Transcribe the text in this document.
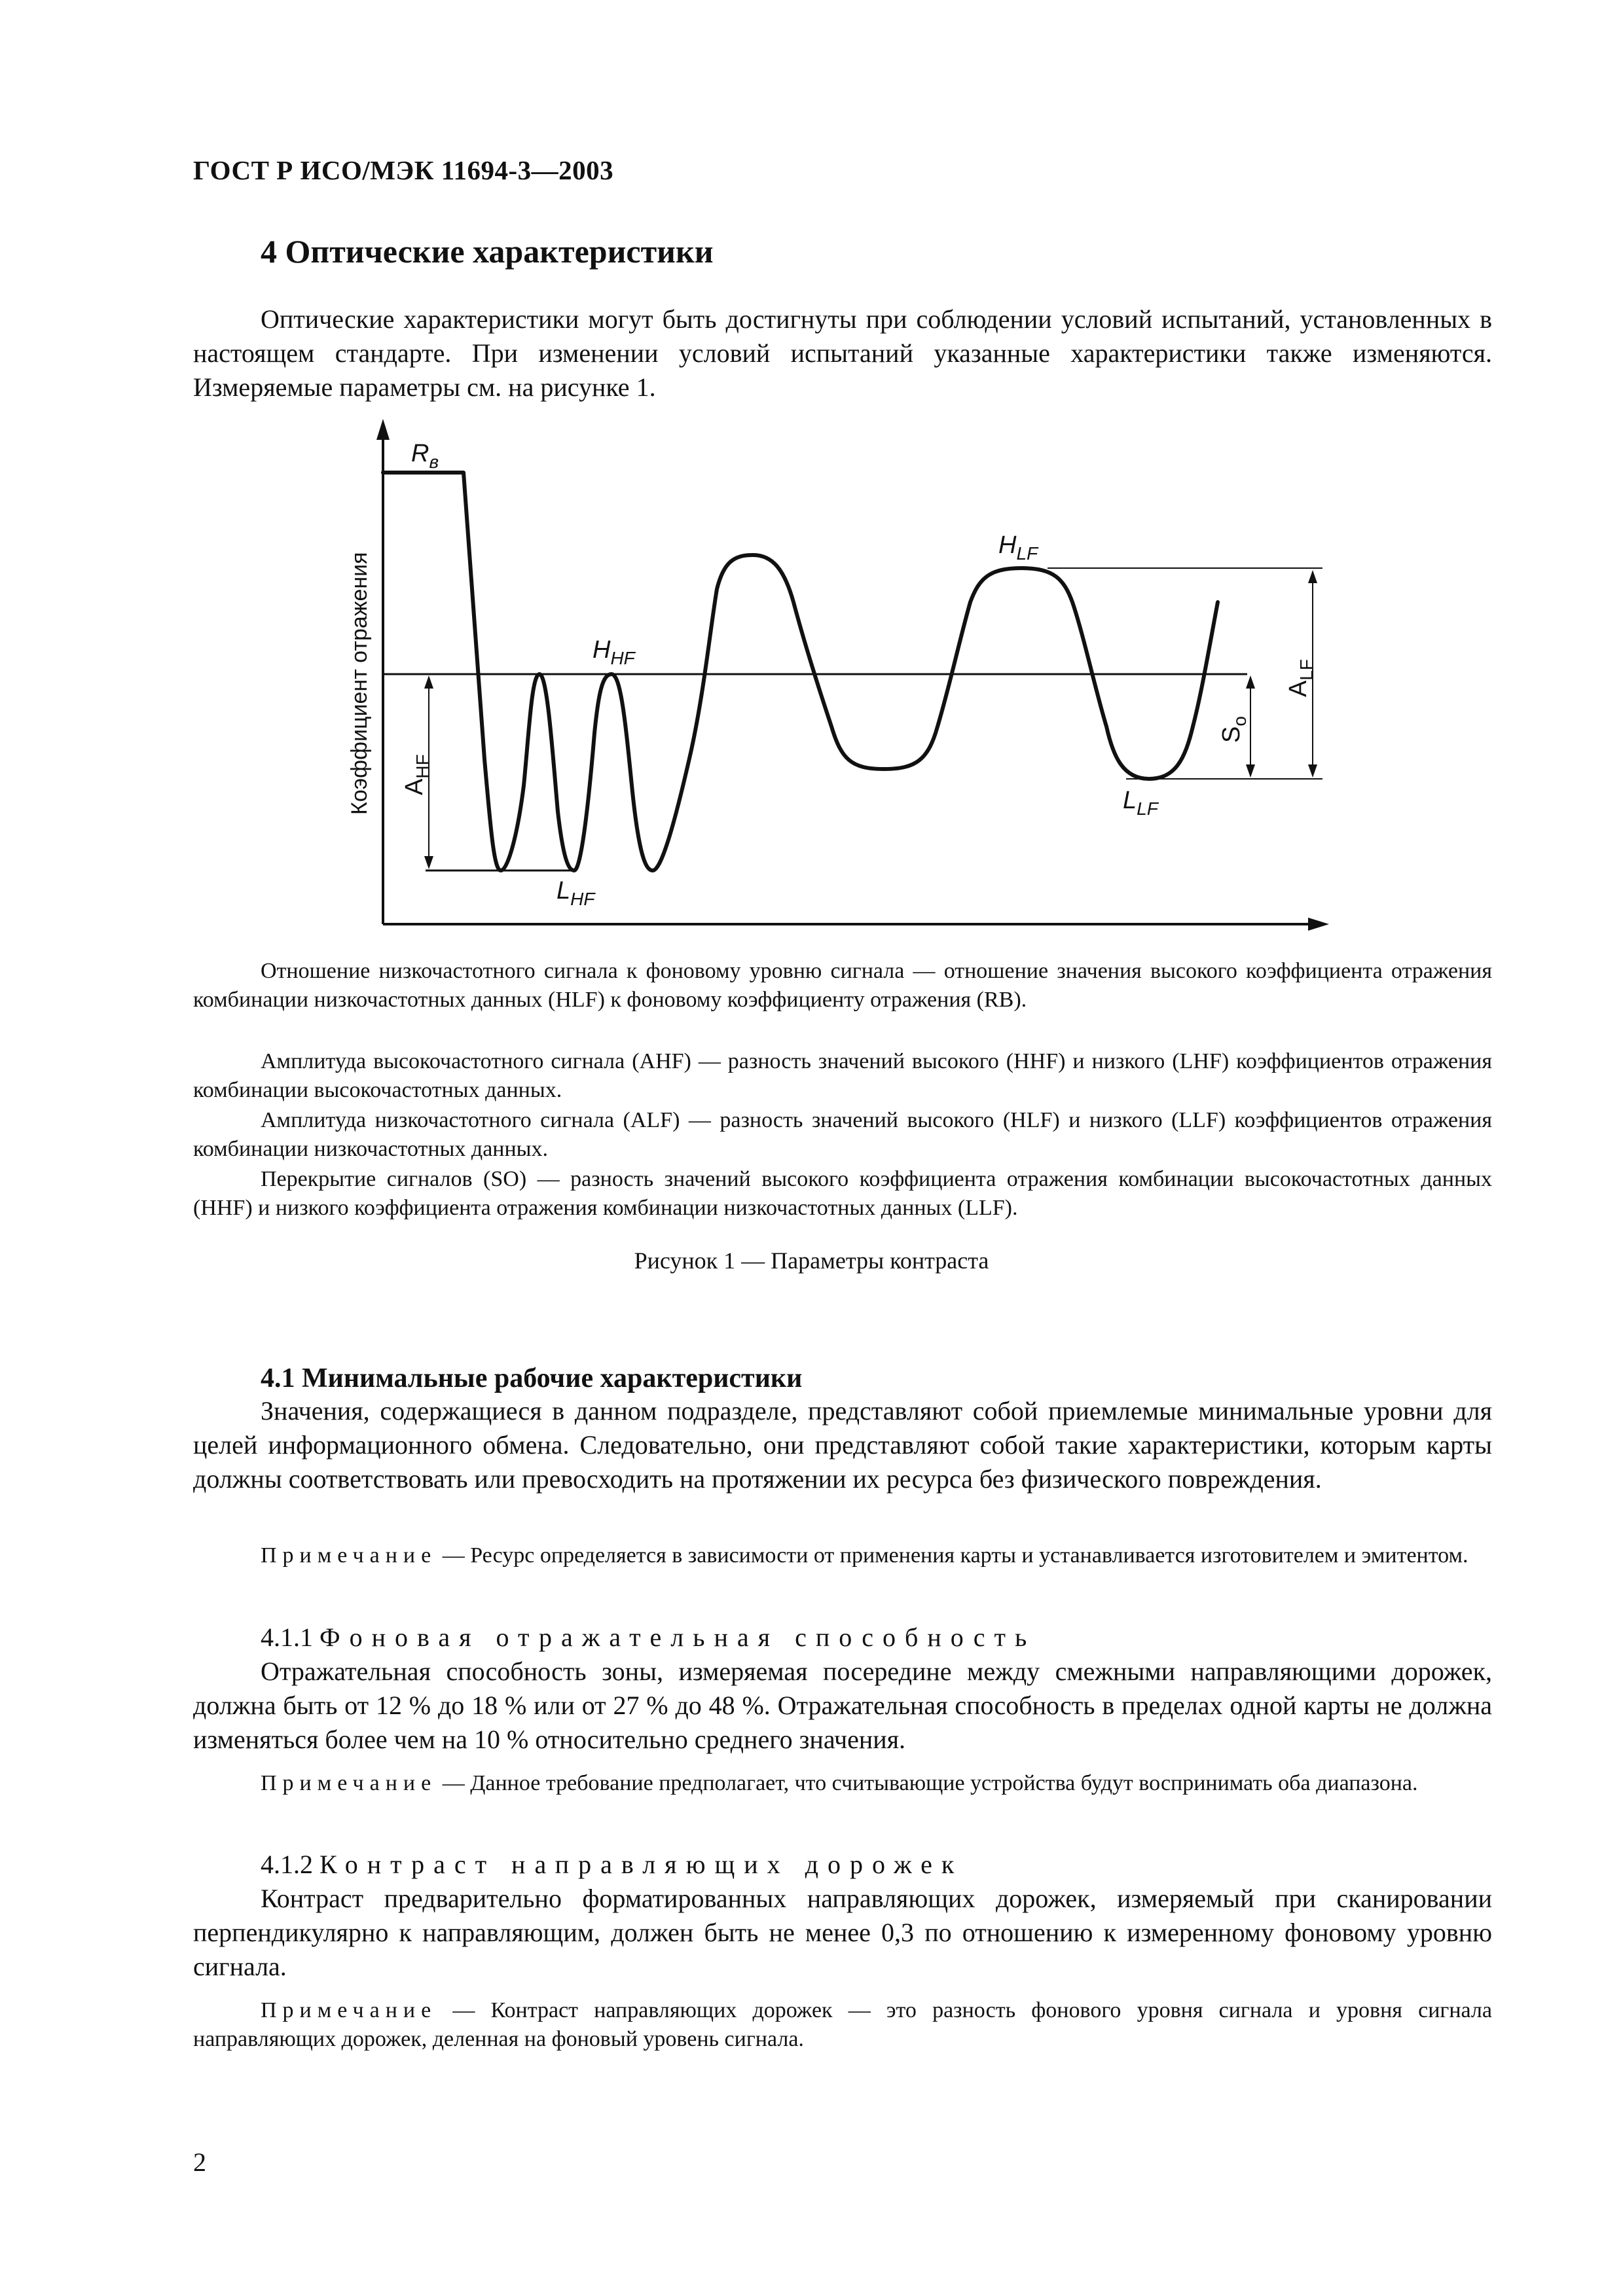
ГОСТ Р ИСО/МЭК 11694-3—2003
4 Оптические характеристики

Оптические характеристики могут быть достигнуты при соблюдении условий испытаний, установленных в настоящем стандарте. При изменении условий испытаний указанные характеристики также изменяются. Измеряемые параметры см. на рисунке 1.

$R_в$
$A_{HF}$
$H_{HF}$
$L_{HF}$
$H_{LF}$
$L_{LF}$
$S_o$
$A_{LF}$
Коэффициент отражения

Отношение низкочастотного сигнала к фоновому уровню сигнала — отношение значения высокого коэффициента отражения комбинации низкочастотных данных (HLF) к фоновому коэффициенту отражения (RB).

Амплитуда высокочастотного сигнала (AHF) — разность значений высокого (HHF) и низкого (LHF) коэффициентов отражения комбинации высокочастотных данных.

Амплитуда низкочастотного сигнала (ALF) — разность значений высокого (HLF) и низкого (LLF) коэффициентов отражения комбинации низкочастотных данных.

Перекрытие сигналов (SO) — разность значений высокого коэффициента отражения комбинации высокочастотных данных (HHF) и низкого коэффициента отражения комбинации низкочастотных данных (LLF).

Рисунок 1 — Параметры контраста
4.1 Минимальные рабочие характеристики

Значения, содержащиеся в данном подразделе, представляют собой приемлемые минимальные уровни для целей информационного обмена. Следовательно, они представляют собой такие характеристики, которым карты должны соответствовать или превосходить на протяжении их ресурса без физического повреждения.

Примечание — Ресурс определяется в зависимости от применения карты и устанавливается изготовителем и эмитентом.

4.1.1 Фоновая отражательная способность

Отражательная способность зоны, измеряемая посередине между смежными направляющими дорожек, должна быть от 12 % до 18 % или от 27 % до 48 %. Отражательная способность в пределах одной карты не должна изменяться более чем на 10 % относительно среднего значения.

Примечание — Данное требование предполагает, что считывающие устройства будут воспринимать оба диапазона.

4.1.2 Контраст направляющих дорожек

Контраст предварительно форматированных направляющих дорожек, измеряемый при сканировании перпендикулярно к направляющим, должен быть не менее 0,3 по отношению к измеренному фоновому уровню сигнала.

Примечание — Контраст направляющих дорожек — это разность фонового уровня сигнала и уровня сигнала направляющих дорожек, деленная на фоновый уровень сигнала.

2
